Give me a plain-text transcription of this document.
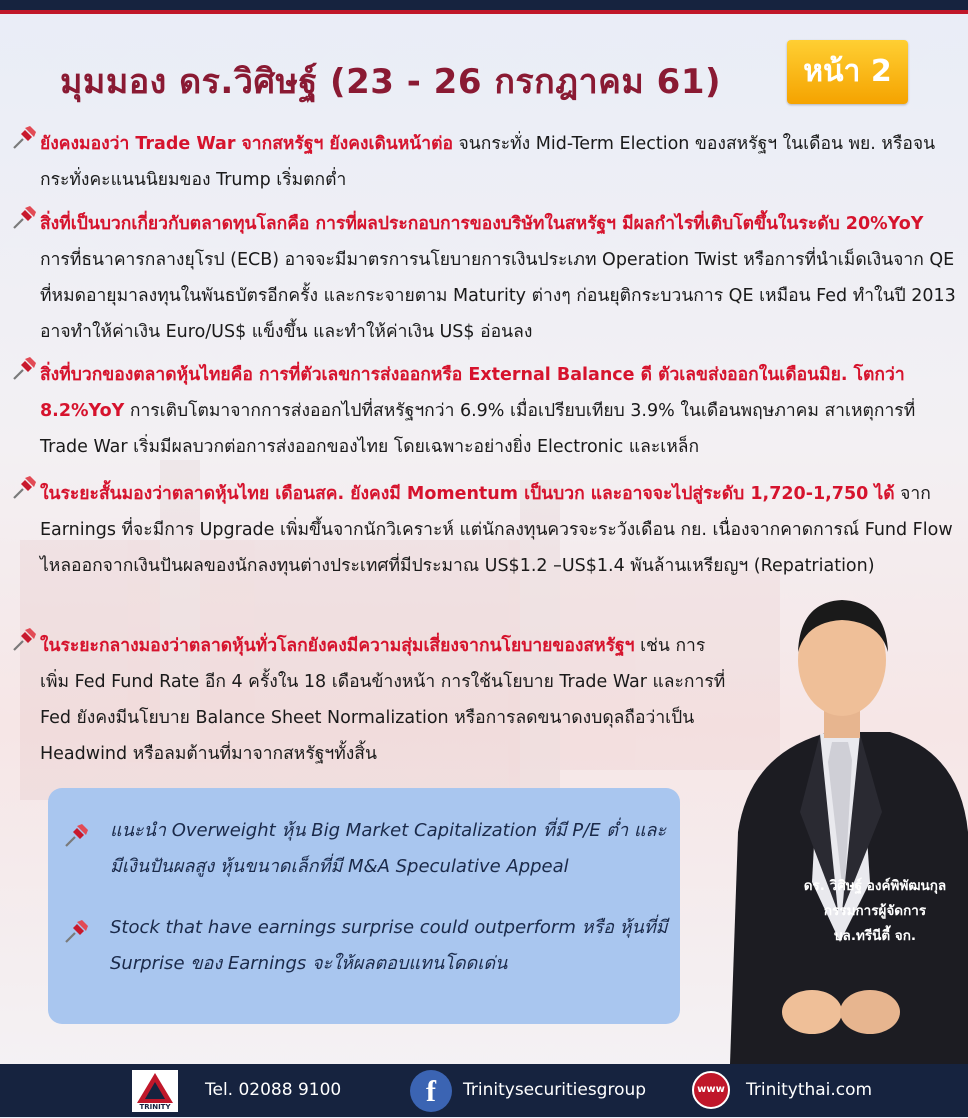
มุมมอง ดร.วิศิษฐ์ (23 - 26 กรกฎาคม 61)	หน้า 2
ยังคงมองว่า Trade War จากสหรัฐฯ ยังคงเดินหน้าต่อ จนกระทั่ง Mid-Term Election ของสหรัฐฯ ในเดือน พย. หรือจนกระทั่งคะแนนนิยมของ Trump เริ่มตกต่ำ
สิ่งที่เป็นบวกเกี่ยวกับตลาดทุนโลกคือ การที่ผลประกอบการของบริษัทในสหรัฐฯ มีผลกำไรที่เติบโตขึ้นในระดับ 20%YoY การที่ธนาคารกลางยุโรป (ECB) อาจจะมีมาตรการนโยบายการเงินประเภท Operation Twist หรือการที่นำเม็ดเงินจาก QE ที่หมดอายุมาลงทุนในพันธบัตรอีกครั้ง และกระจายตาม Maturity ต่างๆ ก่อนยุติกระบวนการ QE เหมือน Fed ทำในปี 2013 อาจทำให้ค่าเงิน Euro/US$ แข็งขึ้น และทำให้ค่าเงิน US$ อ่อนลง
สิ่งที่บวกของตลาดหุ้นไทยคือ การที่ตัวเลขการส่งออกหรือ External Balance ดี ตัวเลขส่งออกในเดือนมิย. โตกว่า 8.2%YoY การเติบโตมาจากการส่งออกไปที่สหรัฐฯกว่า 6.9% เมื่อเปรียบเทียบ 3.9% ในเดือนพฤษภาคม สาเหตุการที่ Trade War เริ่มมีผลบวกต่อการส่งออกของไทย โดยเฉพาะอย่างยิ่ง Electronic และเหล็ก
ในระยะสั้นมองว่าตลาดหุ้นไทย เดือนสค. ยังคงมี Momentum เป็นบวก และอาจจะไปสู่ระดับ 1,720-1,750 ได้ จาก Earnings ที่จะมีการ Upgrade เพิ่มขึ้นจากนักวิเคราะห์ แต่นักลงทุนควรจะระวังเดือน กย. เนื่องจากคาดการณ์ Fund Flow ไหลออกจากเงินปันผลของนักลงทุนต่างประเทศที่มีประมาณ US$1.2 –US$1.4 พันล้านเหรียญฯ (Repatriation)
ในระยะกลางมองว่าตลาดหุ้นทั่วโลกยังคงมีความสุ่มเสี่ยงจากนโยบายของสหรัฐฯ เช่น การเพิ่ม Fed Fund Rate อีก 4 ครั้งใน 18 เดือนข้างหน้า การใช้นโยบาย Trade War และการที่ Fed ยังคงมีนโยบาย Balance Sheet Normalization หรือการลดขนาดงบดุลถือว่าเป็น Headwind หรือลมต้านที่มาจากสหรัฐฯทั้งสิ้น
แนะนำ Overweight หุ้น Big Market Capitalization ที่มี P/E ต่ำ และมีเงินปันผลสูง หุ้นขนาดเล็กที่มี M&A Speculative Appeal
Stock that have earnings surprise could outperform หรือ หุ้นที่มี Surprise ของ Earnings จะให้ผลตอบแทนโดดเด่น
ดร. วิศิษฐ์ องค์พิพัฒนกุล
กรรมการผู้จัดการ
บล.ทรีนีตี้ จก.
TRINITY
Tel. 02088 9100	f	Trinitysecuritiesgroup	www Trinitythai.com
